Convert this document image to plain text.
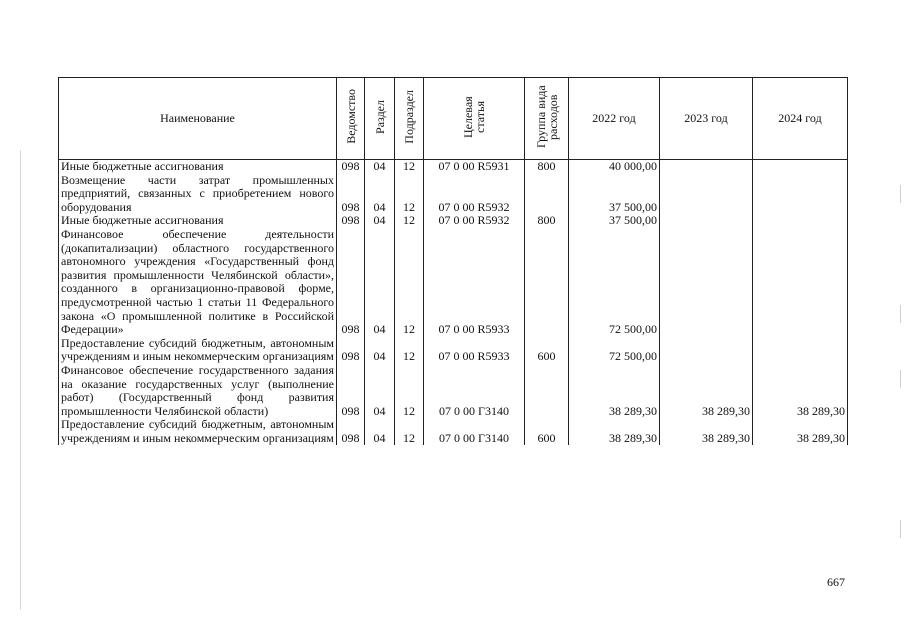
Наименование	Ведомство	Раздел	Подраздел	Целевая статья	Группа вида расходов	2022 год	2023 год	2024 год
Иные бюджетные ассигнования	098	04	12	07 0 00 R5931	800	40 000,00		
Возмещение части затрат промышленных предприятий, связанных с приобретением нового оборудования	098	04	12	07 0 00 R5932		37 500,00		
Иные бюджетные ассигнования	098	04	12	07 0 00 R5932	800	37 500,00		
Финансовое обеспечение деятельности (докапитализации) областного государственного автономного учреждения «Государственный фонд развития промышленности Челябинской области», созданного в организационно-правовой форме, предусмотренной частью 1 статьи 11 Федерального закона «О промышленной политике в Российской Федерации»	098	04	12	07 0 00 R5933		72 500,00		
Предоставление субсидий бюджетным, автономным учреждениям и иным некоммерческим организациям	098	04	12	07 0 00 R5933	600	72 500,00		
Финансовое обеспечение государственного задания на оказание государственных услуг (выполнение работ) (Государственный фонд развития промышленности Челябинской области)	098	04	12	07 0 00 Г3140		38 289,30	38 289,30	38 289,30
Предоставление субсидий бюджетным, автономным учреждениям и иным некоммерческим организациям	098	04	12	07 0 00 Г3140	600	38 289,30	38 289,30	38 289,30
667
